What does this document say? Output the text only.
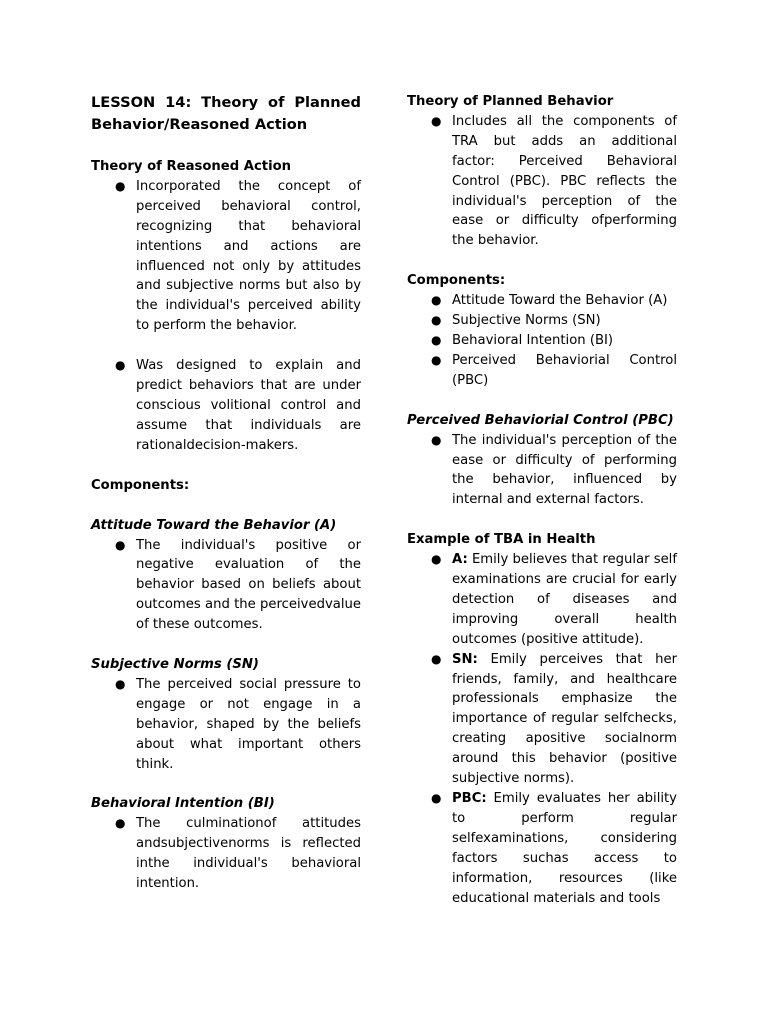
LESSON 14: Theory of Planned Behavior/Reasoned Action

Theory of Reasoned Action

● Incorporated the concept of perceived behavioral control, recognizing that behavioral intentions and actions are influenced not only by attitudes and subjective norms but also by the individual's perceived ability to perform the behavior.
● Was designed to explain and predict behaviors that are under conscious volitional control and assume that individuals are rationaldecision-makers.

Components:

Attitude Toward the Behavior (A)

● The individual's positive or negative evaluation of the behavior based on beliefs about outcomes and the perceivedvalue of these outcomes.

Subjective Norms (SN)

● The perceived social pressure to engage or not engage in a behavior, shaped by the beliefs about what important others think.

Behavioral Intention (BI)

● The culminationof attitudes andsubjectivenorms is reflected inthe individual's behavioral intention.

Theory of Planned Behavior

● Includes all the components of TRA but adds an additional factor: Perceived Behavioral Control (PBC). PBC reflects the individual's perception of the ease or difficulty ofperforming the behavior.

Components:

● Attitude Toward the Behavior (A)
● Subjective Norms (SN)
● Behavioral Intention (BI)
● Perceived Behaviorial Control (PBC)

Perceived Behaviorial Control (PBC)

● The individual's perception of the ease or difficulty of performing the behavior, influenced by internal and external factors.

Example of TBA in Health

● A: Emily believes that regular self examinations are crucial for early detection of diseases and improving overall health outcomes (positive attitude).
● SN: Emily perceives that her friends, family, and healthcare professionals emphasize the importance of regular selfchecks, creating apositive socialnorm around this behavior (positive subjective norms).
● PBC: Emily evaluates her ability to perform regular selfexaminations, considering factors suchas access to information, resources (like educational materials and tools
